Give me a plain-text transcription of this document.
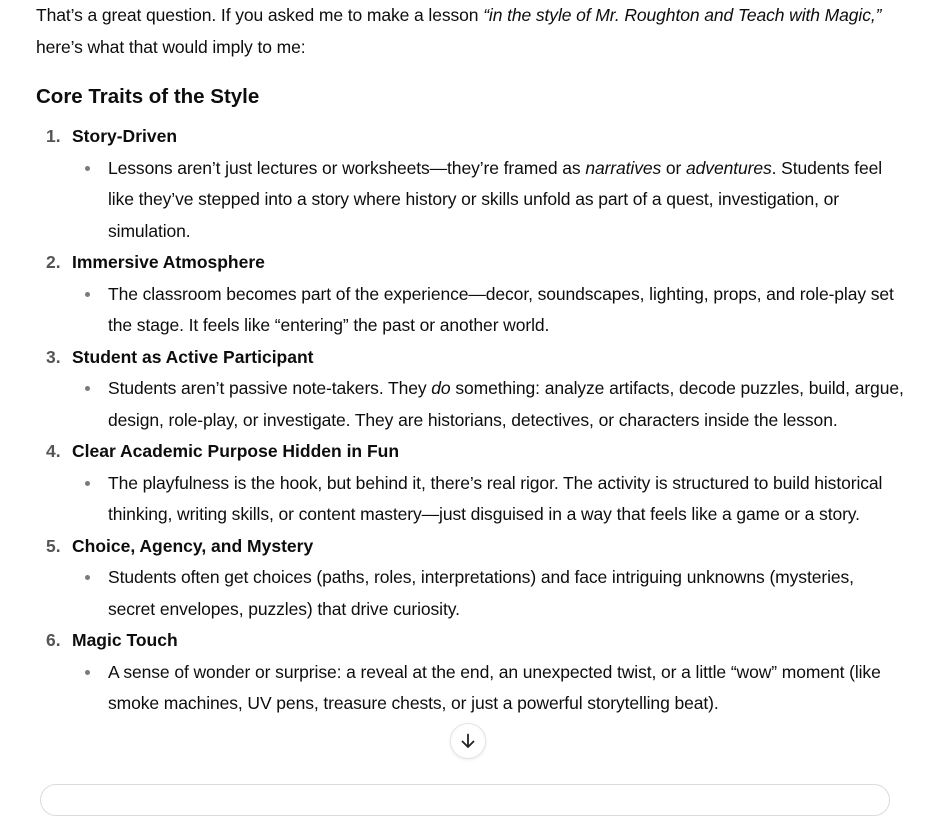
That’s a great question. If you asked me to make a lesson “in the style of Mr. Roughton and Teach with Magic,” here’s what that would imply to me:

Core Traits of the Style
1. Story-Driven
Lessons aren’t just lectures or worksheets—they’re framed as narratives or adventures. Students feel like they’ve stepped into a story where history or skills unfold as part of a quest, investigation, or simulation.
2. Immersive Atmosphere
The classroom becomes part of the experience—decor, soundscapes, lighting, props, and role-play set the stage. It feels like “entering” the past or another world.
3. Student as Active Participant
Students aren’t passive note-takers. They do something: analyze artifacts, decode puzzles, build, argue, design, role-play, or investigate. They are historians, detectives, or characters inside the lesson.
4. Clear Academic Purpose Hidden in Fun
The playfulness is the hook, but behind it, there’s real rigor. The activity is structured to build historical thinking, writing skills, or content mastery—just disguised in a way that feels like a game or a story.
5. Choice, Agency, and Mystery
Students often get choices (paths, roles, interpretations) and face intriguing unknowns (mysteries, secret envelopes, puzzles) that drive curiosity.
6. Magic Touch
A sense of wonder or surprise: a reveal at the end, an unexpected twist, or a little “wow” moment (like smoke machines, UV pens, treasure chests, or just a powerful storytelling beat).
